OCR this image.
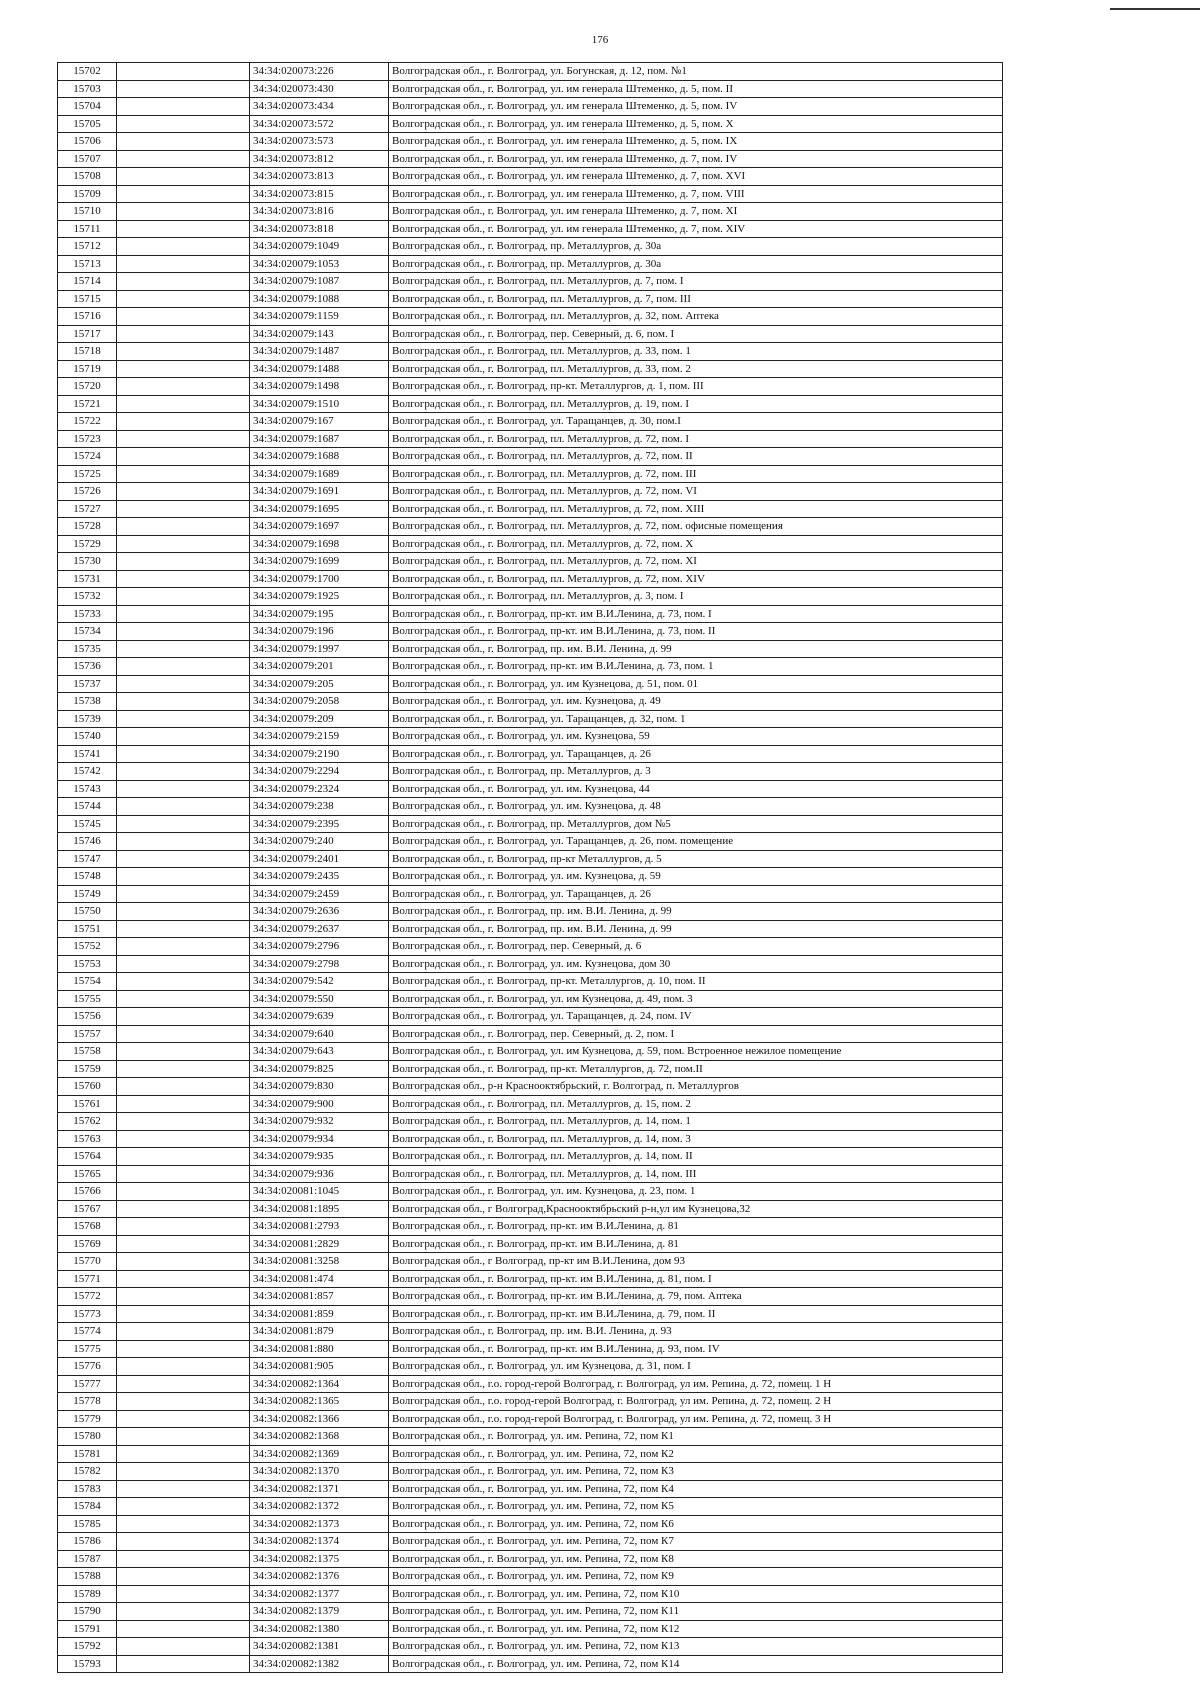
176
15702		34:34:020073:226	Волгоградская обл., г. Волгоград, ул. Богунская, д. 12, пом. №1
15703		34:34:020073:430	Волгоградская обл., г. Волгоград, ул. им генерала Штеменко, д. 5, пом. II
15704		34:34:020073:434	Волгоградская обл., г. Волгоград, ул. им генерала Штеменко, д. 5, пом. IV
15705		34:34:020073:572	Волгоградская обл., г. Волгоград, ул. им генерала Штеменко, д. 5, пом. X
15706		34:34:020073:573	Волгоградская обл., г. Волгоград, ул. им генерала Штеменко, д. 5, пом. IX
15707		34:34:020073:812	Волгоградская обл., г. Волгоград, ул. им генерала Штеменко, д. 7, пом. IV
15708		34:34:020073:813	Волгоградская обл., г. Волгоград, ул. им генерала Штеменко, д. 7, пом. XVI
15709		34:34:020073:815	Волгоградская обл., г. Волгоград, ул. им генерала Штеменко, д. 7, пом. VIII
15710		34:34:020073:816	Волгоградская обл., г. Волгоград, ул. им генерала Штеменко, д. 7, пом. XI
15711		34:34:020073:818	Волгоградская обл., г. Волгоград, ул. им генерала Штеменко, д. 7, пом. XIV
15712		34:34:020079:1049	Волгоградская обл., г. Волгоград, пр. Металлургов, д. 30а
15713		34:34:020079:1053	Волгоградская обл., г. Волгоград, пр. Металлургов, д. 30а
15714		34:34:020079:1087	Волгоградская обл., г. Волгоград, пл. Металлургов, д. 7, пом. I
15715		34:34:020079:1088	Волгоградская обл., г. Волгоград, пл. Металлургов, д. 7, пом. III
15716		34:34:020079:1159	Волгоградская обл., г. Волгоград, пл. Металлургов, д. 32, пом. Аптека
15717		34:34:020079:143	Волгоградская обл., г. Волгоград, пер. Северный, д. 6, пом. I
15718		34:34:020079:1487	Волгоградская обл., г. Волгоград, пл. Металлургов, д. 33, пом. 1
15719		34:34:020079:1488	Волгоградская обл., г. Волгоград, пл. Металлургов, д. 33, пом. 2
15720		34:34:020079:1498	Волгоградская обл., г. Волгоград, пр-кт. Металлургов, д. 1, пом. III
15721		34:34:020079:1510	Волгоградская обл., г. Волгоград, пл. Металлургов, д. 19, пом. I
15722		34:34:020079:167	Волгоградская обл., г. Волгоград, ул. Таращанцев, д. 30, пом.I
15723		34:34:020079:1687	Волгоградская обл., г. Волгоград, пл. Металлургов, д. 72, пом. I
15724		34:34:020079:1688	Волгоградская обл., г. Волгоград, пл. Металлургов, д. 72, пом. II
15725		34:34:020079:1689	Волгоградская обл., г. Волгоград, пл. Металлургов, д. 72, пом. III
15726		34:34:020079:1691	Волгоградская обл., г. Волгоград, пл. Металлургов, д. 72, пом. VI
15727		34:34:020079:1695	Волгоградская обл., г. Волгоград, пл. Металлургов, д. 72, пом. XIII
15728		34:34:020079:1697	Волгоградская обл., г. Волгоград, пл. Металлургов, д. 72, пом. офисные помещения
15729		34:34:020079:1698	Волгоградская обл., г. Волгоград, пл. Металлургов, д. 72, пом. X
15730		34:34:020079:1699	Волгоградская обл., г. Волгоград, пл. Металлургов, д. 72, пом. XI
15731		34:34:020079:1700	Волгоградская обл., г. Волгоград, пл. Металлургов, д. 72, пом. XIV
15732		34:34:020079:1925	Волгоградская обл., г. Волгоград, пл. Металлургов, д. 3, пом. I
15733		34:34:020079:195	Волгоградская обл., г. Волгоград, пр-кт. им В.И.Ленина, д. 73, пом. I
15734		34:34:020079:196	Волгоградская обл., г. Волгоград, пр-кт. им В.И.Ленина, д. 73, пом. II
15735		34:34:020079:1997	Волгоградская обл., г. Волгоград, пр. им. В.И. Ленина, д. 99
15736		34:34:020079:201	Волгоградская обл., г. Волгоград, пр-кт. им В.И.Ленина, д. 73, пом. 1
15737		34:34:020079:205	Волгоградская обл., г. Волгоград, ул. им Кузнецова, д. 51, пом. 01
15738		34:34:020079:2058	Волгоградская обл., г. Волгоград, ул. им. Кузнецова, д. 49
15739		34:34:020079:209	Волгоградская обл., г. Волгоград, ул. Таращанцев, д. 32, пом. 1
15740		34:34:020079:2159	Волгоградская обл., г. Волгоград, ул. им. Кузнецова, 59
15741		34:34:020079:2190	Волгоградская обл., г. Волгоград, ул. Таращанцев, д. 26
15742		34:34:020079:2294	Волгоградская обл., г. Волгоград, пр. Металлургов, д. 3
15743		34:34:020079:2324	Волгоградская обл., г. Волгоград, ул. им. Кузнецова, 44
15744		34:34:020079:238	Волгоградская обл., г. Волгоград, ул. им. Кузнецова, д. 48
15745		34:34:020079:2395	Волгоградская обл., г. Волгоград, пр. Металлургов, дом №5
15746		34:34:020079:240	Волгоградская обл., г. Волгоград, ул. Таращанцев, д. 26, пом. помещение
15747		34:34:020079:2401	Волгоградская обл., г. Волгоград, пр-кт Металлургов, д. 5
15748		34:34:020079:2435	Волгоградская обл., г. Волгоград, ул. им. Кузнецова, д. 59
15749		34:34:020079:2459	Волгоградская обл., г. Волгоград, ул. Таращанцев, д. 26
15750		34:34:020079:2636	Волгоградская обл., г. Волгоград, пр. им. В.И. Ленина, д. 99
15751		34:34:020079:2637	Волгоградская обл., г. Волгоград, пр. им. В.И. Ленина, д. 99
15752		34:34:020079:2796	Волгоградская обл., г. Волгоград, пер. Северный, д. 6
15753		34:34:020079:2798	Волгоградская обл., г. Волгоград, ул. им. Кузнецова, дом 30
15754		34:34:020079:542	Волгоградская обл., г. Волгоград, пр-кт. Металлургов, д. 10, пом. II
15755		34:34:020079:550	Волгоградская обл., г. Волгоград, ул. им Кузнецова, д. 49, пом. 3
15756		34:34:020079:639	Волгоградская обл., г. Волгоград, ул. Таращанцев, д. 24, пом. IV
15757		34:34:020079:640	Волгоградская обл., г. Волгоград, пер. Северный, д. 2, пом. I
15758		34:34:020079:643	Волгоградская обл., г. Волгоград, ул. им Кузнецова, д. 59, пом. Встроенное нежилое помещение
15759		34:34:020079:825	Волгоградская обл., г. Волгоград, пр-кт. Металлургов, д. 72, пом.II
15760		34:34:020079:830	Волгоградская обл., р-н Краснооктябрьский, г. Волгоград, п. Металлургов
15761		34:34:020079:900	Волгоградская обл., г. Волгоград, пл. Металлургов, д. 15, пом. 2
15762		34:34:020079:932	Волгоградская обл., г. Волгоград, пл. Металлургов, д. 14, пом. 1
15763		34:34:020079:934	Волгоградская обл., г. Волгоград, пл. Металлургов, д. 14, пом. 3
15764		34:34:020079:935	Волгоградская обл., г. Волгоград, пл. Металлургов, д. 14, пом. II
15765		34:34:020079:936	Волгоградская обл., г. Волгоград, пл. Металлургов, д. 14, пом. III
15766		34:34:020081:1045	Волгоградская обл., г. Волгоград, ул. им. Кузнецова, д. 23, пом. 1
15767		34:34:020081:1895	Волгоградская обл., г Волгоград,Краснооктябрьский р-н,ул им Кузнецова,32
15768		34:34:020081:2793	Волгоградская обл., г. Волгоград, пр-кт. им В.И.Ленина, д. 81
15769		34:34:020081:2829	Волгоградская обл., г. Волгоград, пр-кт. им В.И.Ленина, д. 81
15770		34:34:020081:3258	Волгоградская обл., г Волгоград, пр-кт им В.И.Ленина, дом 93
15771		34:34:020081:474	Волгоградская обл., г. Волгоград, пр-кт. им В.И.Ленина, д. 81, пом. I
15772		34:34:020081:857	Волгоградская обл., г. Волгоград, пр-кт. им В.И.Ленина, д. 79, пом. Аптека
15773		34:34:020081:859	Волгоградская обл., г. Волгоград, пр-кт. им В.И.Ленина, д. 79, пом. II
15774		34:34:020081:879	Волгоградская обл., г. Волгоград, пр. им. В.И. Ленина, д. 93
15775		34:34:020081:880	Волгоградская обл., г. Волгоград, пр-кт. им В.И.Ленина, д. 93, пом. IV
15776		34:34:020081:905	Волгоградская обл., г. Волгоград, ул. им Кузнецова, д. 31, пом. I
15777		34:34:020082:1364	Волгоградская обл., г.о. город-герой Волгоград, г. Волгоград, ул им. Репина, д. 72, помещ. 1 Н
15778		34:34:020082:1365	Волгоградская обл., г.о. город-герой Волгоград, г. Волгоград, ул им. Репина, д. 72, помещ. 2 Н
15779		34:34:020082:1366	Волгоградская обл., г.о. город-герой Волгоград, г. Волгоград, ул им. Репина, д. 72, помещ. 3 Н
15780		34:34:020082:1368	Волгоградская обл., г. Волгоград, ул. им. Репина, 72, пом К1
15781		34:34:020082:1369	Волгоградская обл., г. Волгоград, ул. им. Репина, 72, пом К2
15782		34:34:020082:1370	Волгоградская обл., г. Волгоград, ул. им. Репина, 72, пом К3
15783		34:34:020082:1371	Волгоградская обл., г. Волгоград, ул. им. Репина, 72, пом К4
15784		34:34:020082:1372	Волгоградская обл., г. Волгоград, ул. им. Репина, 72, пом К5
15785		34:34:020082:1373	Волгоградская обл., г. Волгоград, ул. им. Репина, 72, пом К6
15786		34:34:020082:1374	Волгоградская обл., г. Волгоград, ул. им. Репина, 72, пом К7
15787		34:34:020082:1375	Волгоградская обл., г. Волгоград, ул. им. Репина, 72, пом К8
15788		34:34:020082:1376	Волгоградская обл., г. Волгоград, ул. им. Репина, 72, пом К9
15789		34:34:020082:1377	Волгоградская обл., г. Волгоград, ул. им. Репина, 72, пом К10
15790		34:34:020082:1379	Волгоградская обл., г. Волгоград, ул. им. Репина, 72, пом К11
15791		34:34:020082:1380	Волгоградская обл., г. Волгоград, ул. им. Репина, 72, пом К12
15792		34:34:020082:1381	Волгоградская обл., г. Волгоград, ул. им. Репина, 72, пом К13
15793		34:34:020082:1382	Волгоградская обл., г. Волгоград, ул. им. Репина, 72, пом К14
